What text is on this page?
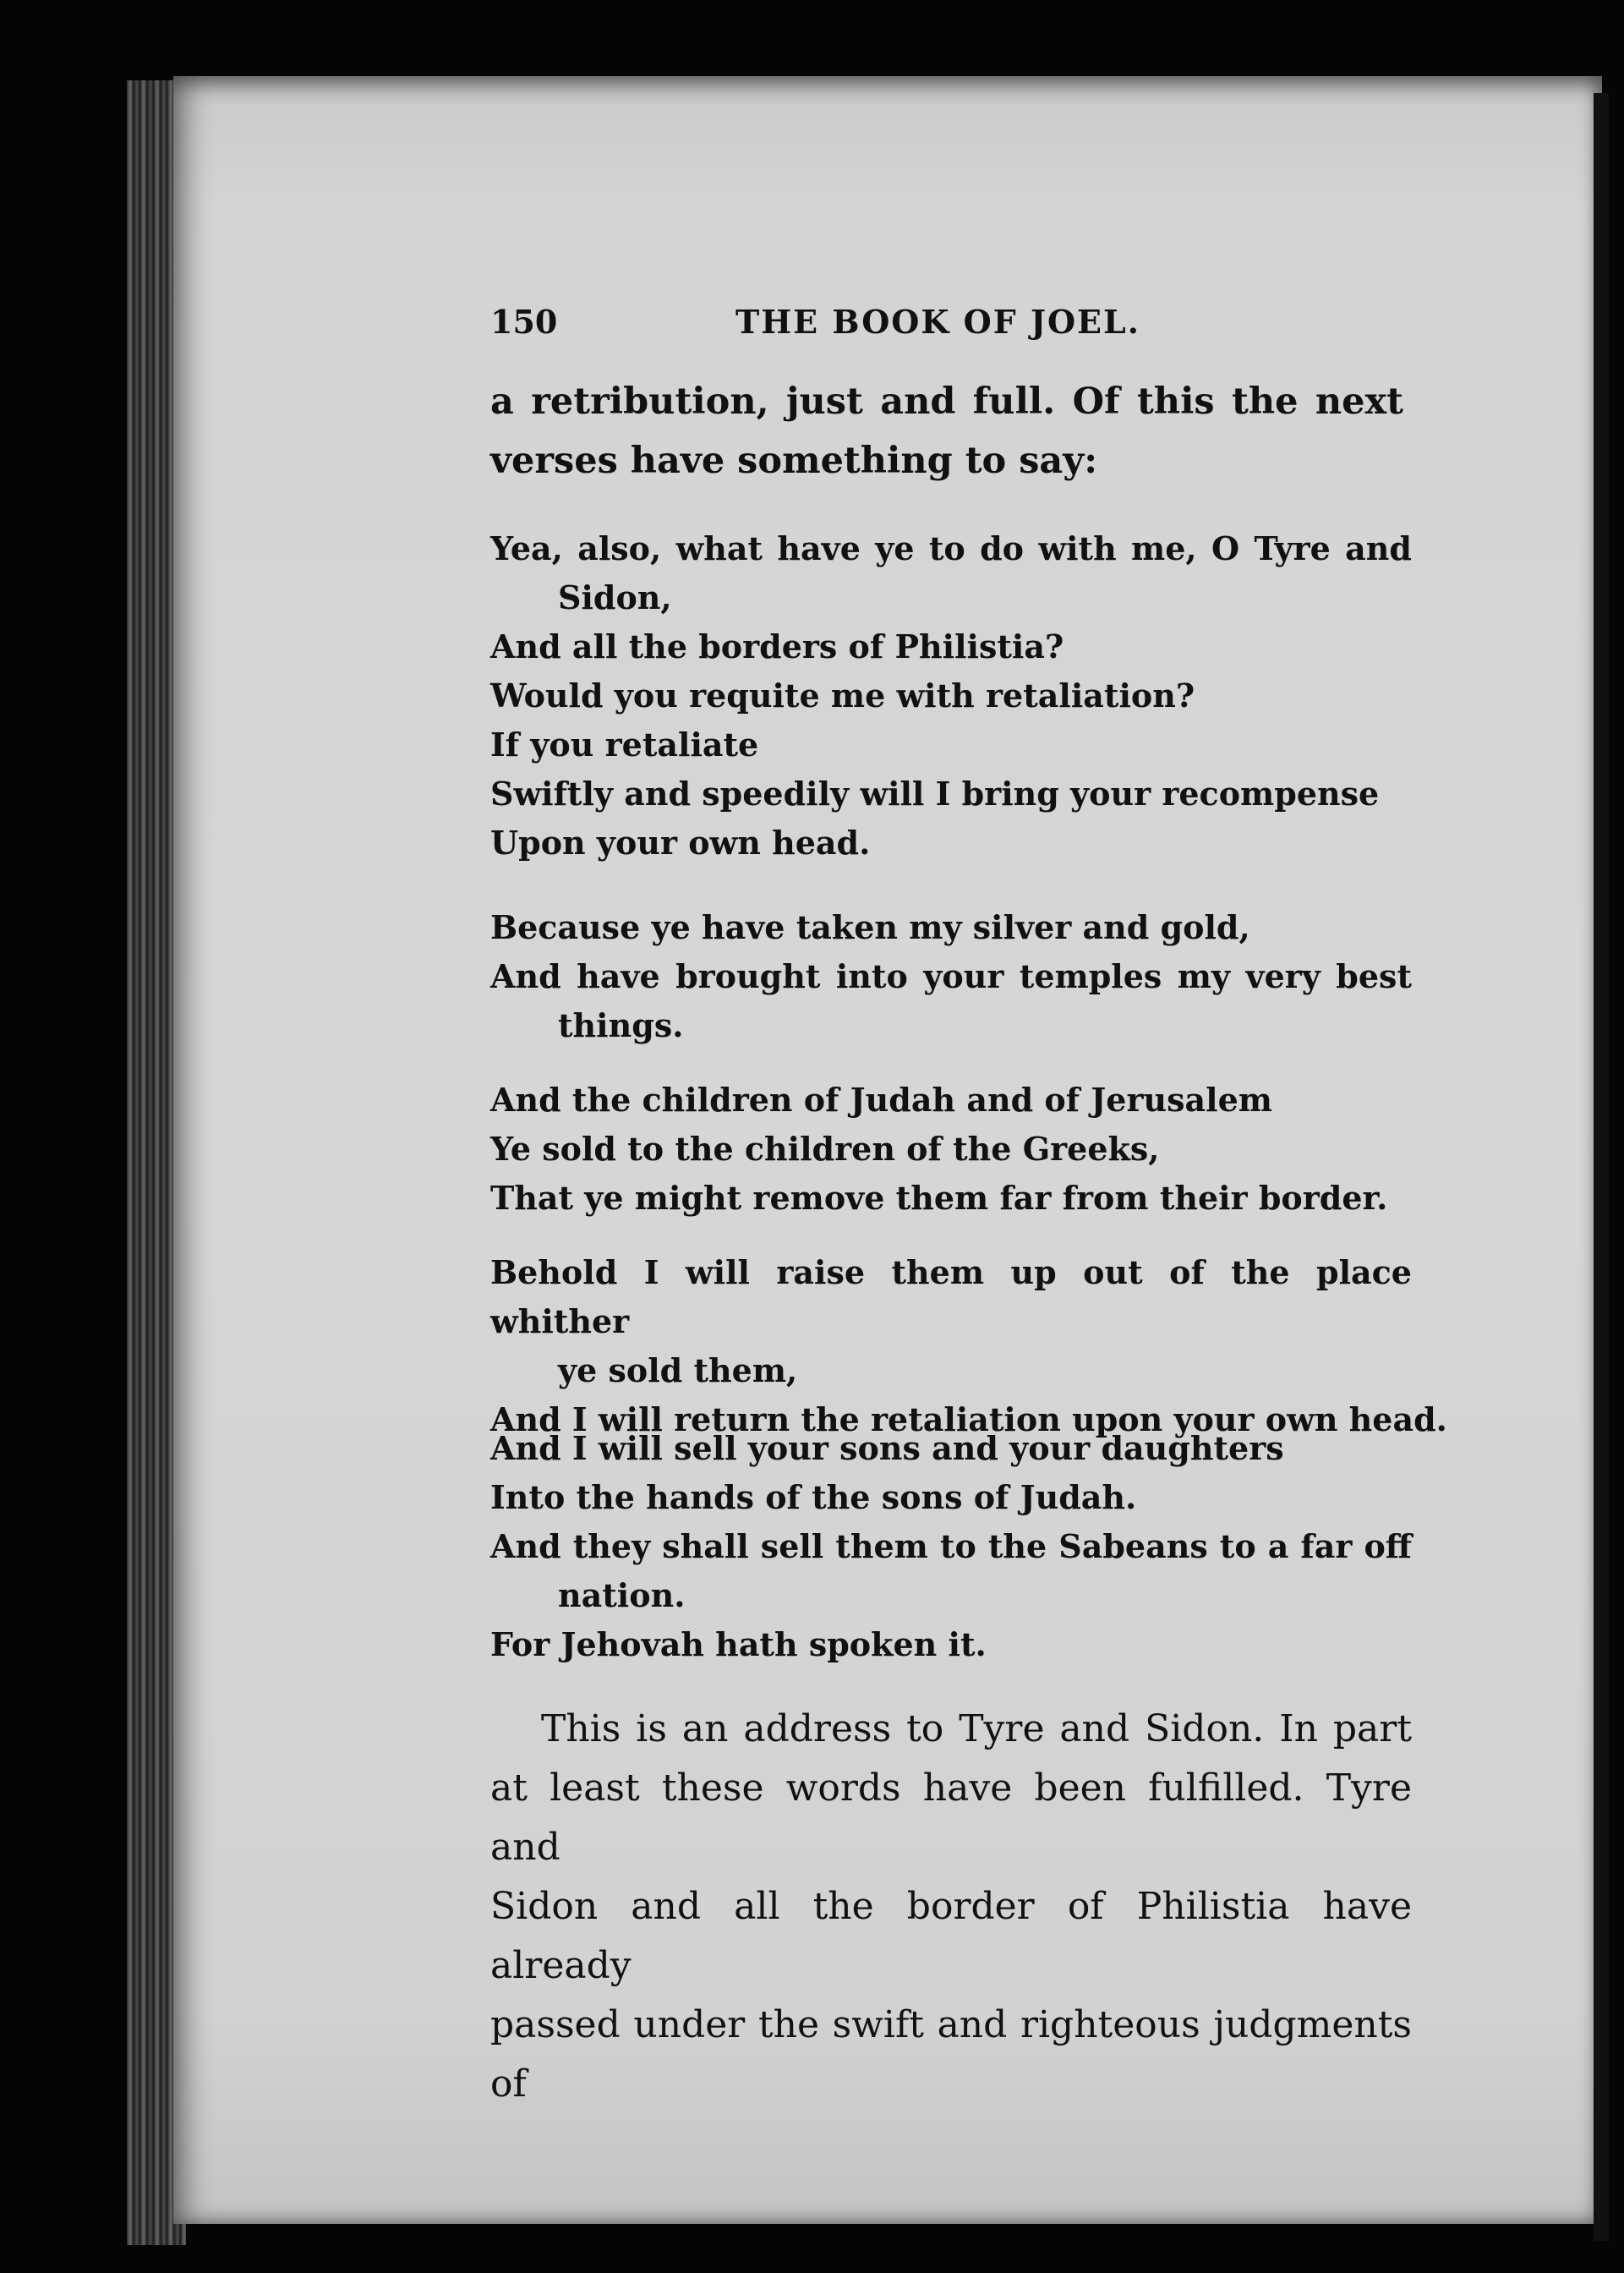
150	THE BOOK OF JOEL.
a retribution, just and full. Of this the next
verses have something to say:
Yea, also, what have ye to do with me, O Tyre and
Sidon,
And all the borders of Philistia?
Would you requite me with retaliation?
If you retaliate
Swiftly and speedily will I bring your recompense
Upon your own head.
Because ye have taken my silver and gold,
And have brought into your temples my very best
things.
And the children of Judah and of Jerusalem
Ye sold to the children of the Greeks,
That ye might remove them far from their border.
Behold I will raise them up out of the place whither
ye sold them,
And I will return the retaliation upon your own head.
And I will sell your sons and your daughters
Into the hands of the sons of Judah.
And they shall sell them to the Sabeans to a far off
nation.
For Jehovah hath spoken it.
This is an address to Tyre and Sidon. In part
at least these words have been fulfilled. Tyre and
Sidon and all the border of Philistia have already
passed under the swift and righteous judgments of
